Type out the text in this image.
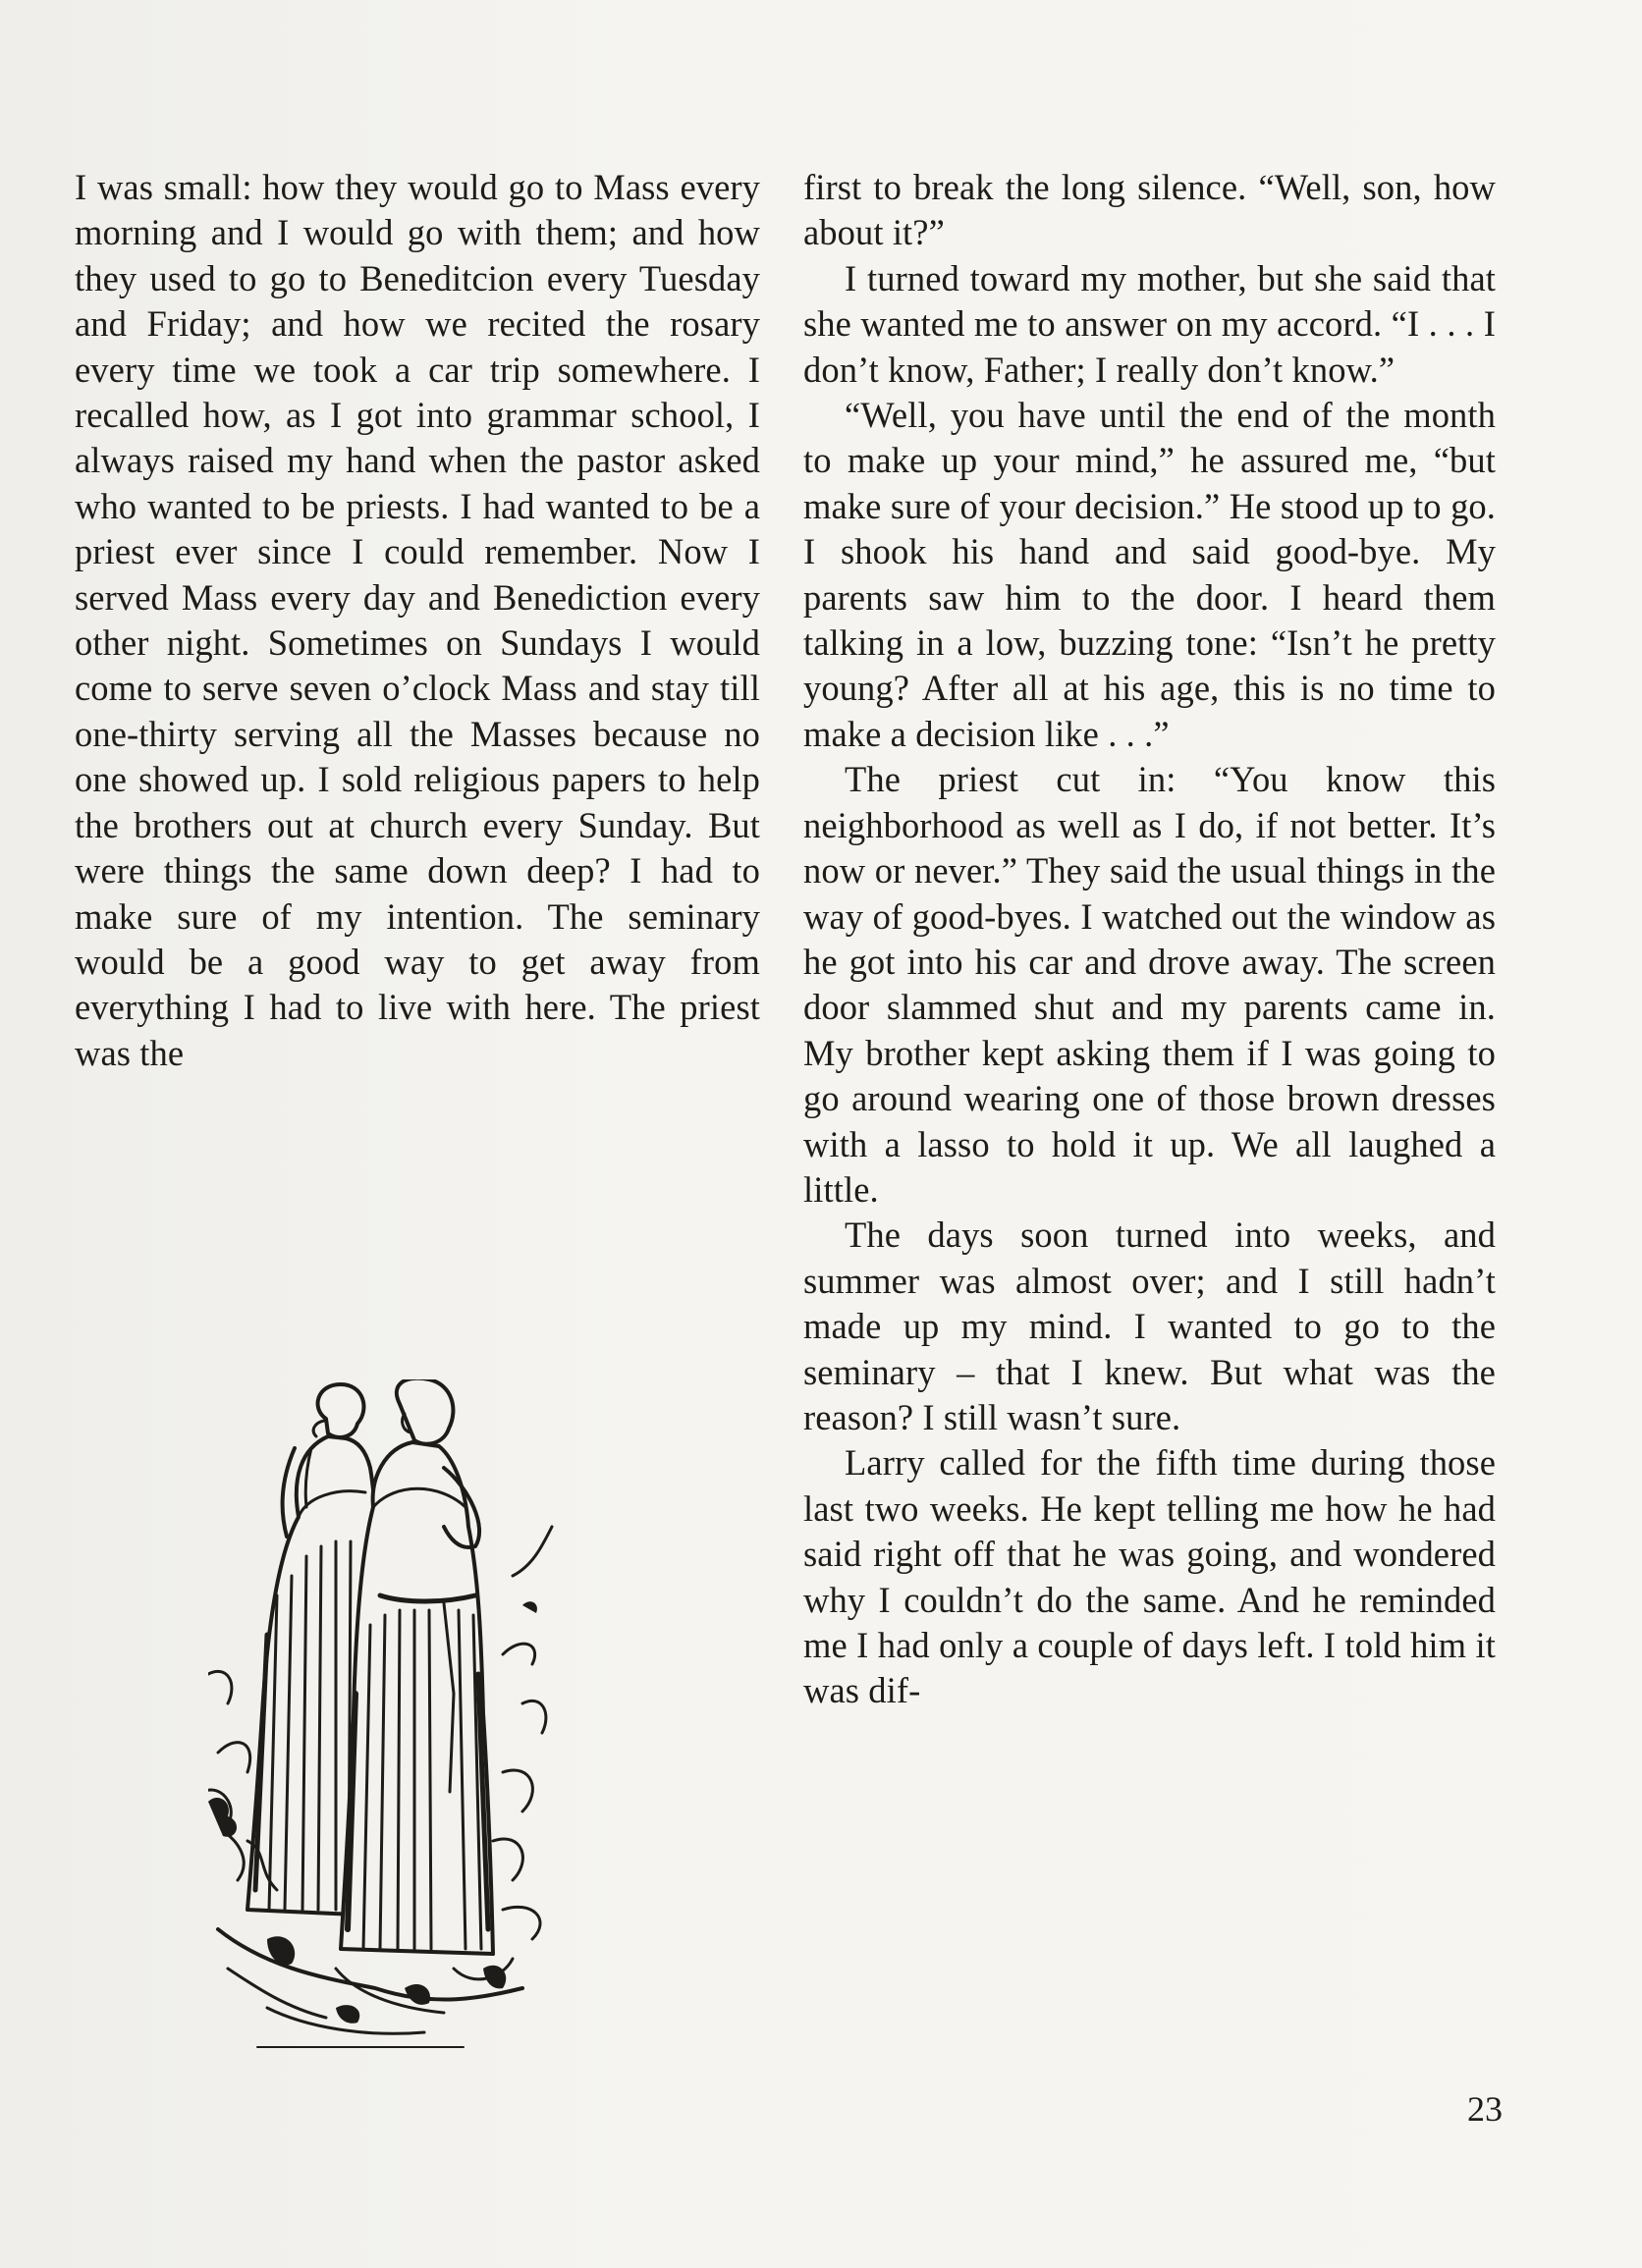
I was small: how they would go to Mass every morning and I would go with them; and how they used to go to Beneditcion every Tuesday and Friday; and how we recited the rosary every time we took a car trip somewhere. I recalled how, as I got into grammar school, I always raised my hand when the pastor asked who wanted to be priests. I had wanted to be a priest ever since I could remember. Now I served Mass every day and Benediction every other night. Sometimes on Sundays I would come to serve seven o’clock Mass and stay till one-thirty serving all the Masses because no one showed up. I sold religious papers to help the brothers out at church every Sunday. But were things the same down deep? I had to make sure of my intention. The seminary would be a good way to get away from everything I had to live with here. The priest was the

first to break the long silence. “Well, son, how about it?”

I turned toward my mother, but she said that she wanted me to answer on my accord. “I . . . I don’t know, Father; I really don’t know.”

“Well, you have until the end of the month to make up your mind,” he assured me, “but make sure of your decision.” He stood up to go. I shook his hand and said good-bye. My parents saw him to the door. I heard them talking in a low, buzzing tone: “Isn’t he pretty young? After all at his age, this is no time to make a decision like . . .”

The priest cut in: “You know this neighborhood as well as I do, if not better. It’s now or never.” They said the usual things in the way of good-byes. I watched out the window as he got into his car and drove away. The screen door slammed shut and my parents came in. My brother kept asking them if I was going to go around wearing one of those brown dresses with a lasso to hold it up. We all laughed a little.

The days soon turned into weeks, and summer was almost over; and I still hadn’t made up my mind. I wanted to go to the seminary – that I knew. But what was the reason? I still wasn’t sure.

Larry called for the fifth time during those last two weeks. He kept telling me how he had said right off that he was going, and wondered why I couldn’t do the same. And he reminded me I had only a couple of days left. I told him it was dif-

23
